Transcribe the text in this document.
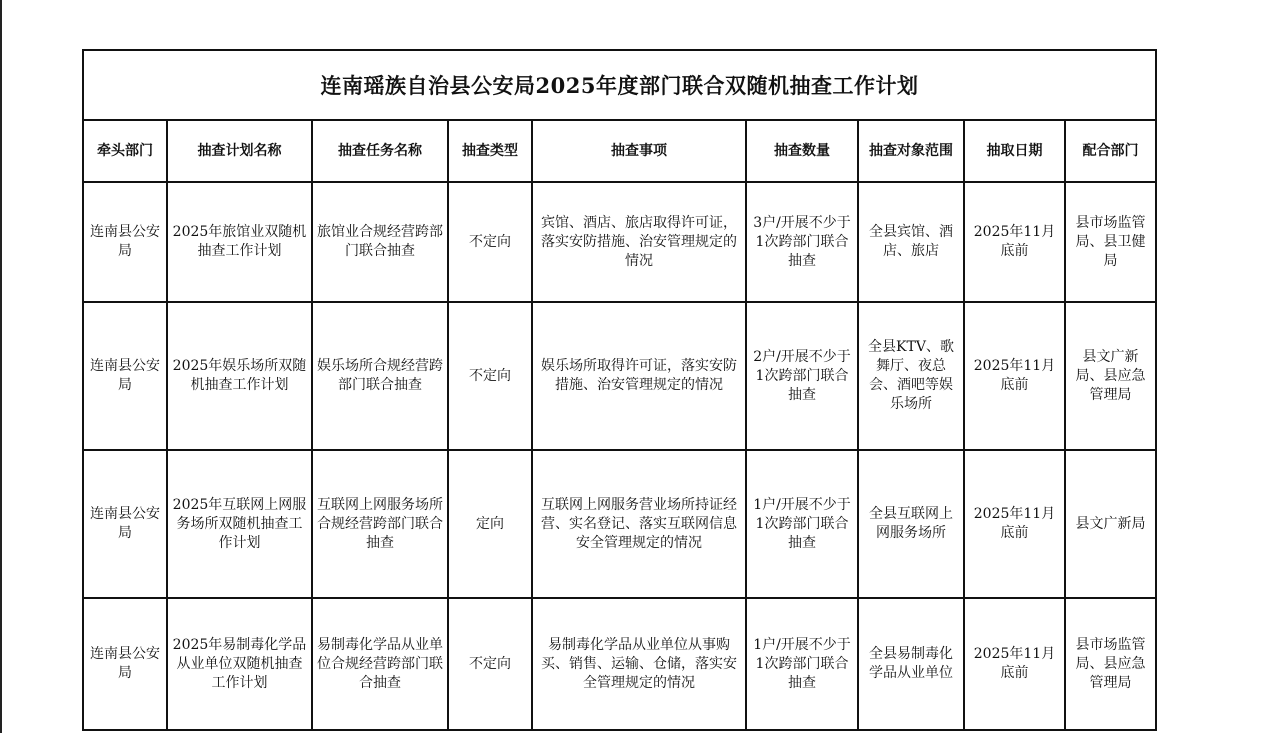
连南瑶族自治县公安局2025年度部门联合双随机抽查工作计划								
牵头部门	抽查计划名称	抽查任务名称	抽查类型	抽查事项	抽查数量	抽查对象范围	抽取日期	配合部门
连南县公安局	2025年旅馆业双随机抽查工作计划	旅馆业合规经营跨部门联合抽查	不定向	宾馆、酒店、旅店取得许可证，落实安防措施、治安管理规定的情况	3户/开展不少于1次跨部门联合抽查	全县宾馆、酒店、旅店	2025年11月底前	县市场监管局、县卫健局
连南县公安局	2025年娱乐场所双随机抽查工作计划	娱乐场所合规经营跨部门联合抽查	不定向	娱乐场所取得许可证，落实安防措施、治安管理规定的情况	2户/开展不少于1次跨部门联合抽查	全县KTV、歌舞厅、夜总会、酒吧等娱乐场所	2025年11月底前	县文广新局、县应急管理局
连南县公安局	2025年互联网上网服务场所双随机抽查工作计划	互联网上网服务场所合规经营跨部门联合抽查	定向	互联网上网服务营业场所持证经营、实名登记、落实互联网信息安全管理规定的情况	1户/开展不少于1次跨部门联合抽查	全县互联网上网服务场所	2025年11月底前	县文广新局
连南县公安局	2025年易制毒化学品从业单位双随机抽查工作计划	易制毒化学品从业单位合规经营跨部门联合抽查	不定向	易制毒化学品从业单位从事购买、销售、运输、仓储，落实安全管理规定的情况	1户/开展不少于1次跨部门联合抽查	全县易制毒化学品从业单位	2025年11月底前	县市场监管局、县应急管理局
